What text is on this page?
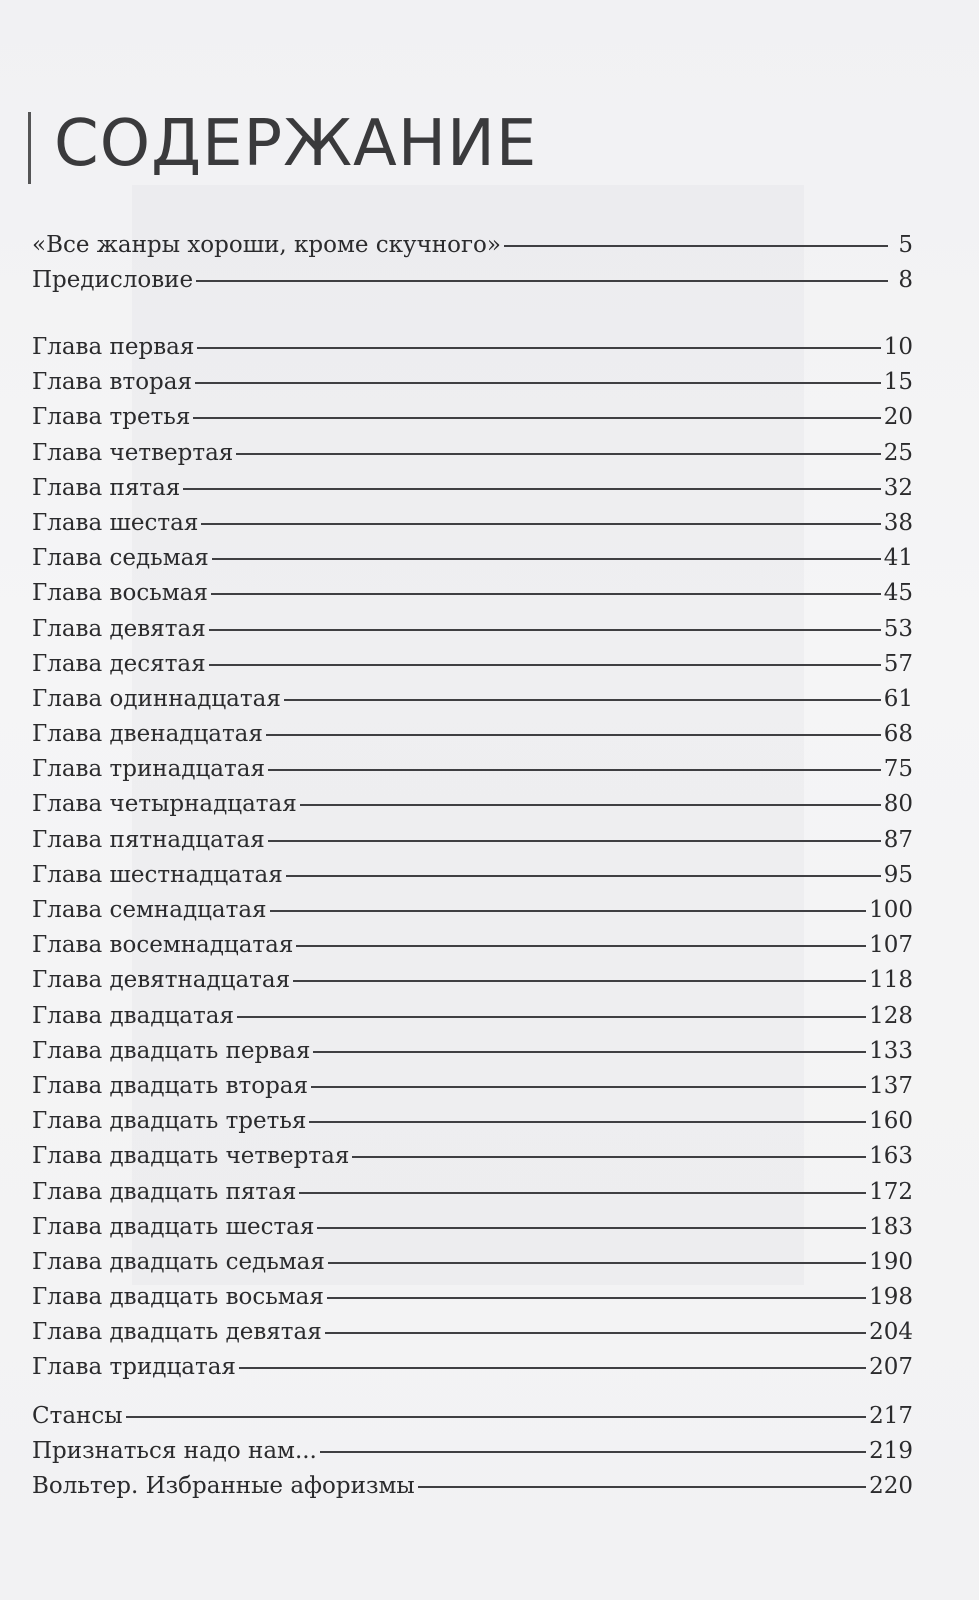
СОДЕРЖАНИЕ
«Все жанры хороши, кроме скучного»	5
Предисловие	8
Глава первая	10
Глава вторая	15
Глава третья	20
Глава четвертая	25
Глава пятая	32
Глава шестая	38
Глава седьмая	41
Глава восьмая	45
Глава девятая	53
Глава десятая	57
Глава одиннадцатая	61
Глава двенадцатая	68
Глава тринадцатая	75
Глава четырнадцатая	80
Глава пятнадцатая	87
Глава шестнадцатая	95
Глава семнадцатая	100
Глава восемнадцатая	107
Глава девятнадцатая	118
Глава двадцатая	128
Глава двадцать первая	133
Глава двадцать вторая	137
Глава двадцать третья	160
Глава двадцать четвертая	163
Глава двадцать пятая	172
Глава двадцать шестая	183
Глава двадцать седьмая	190
Глава двадцать восьмая	198
Глава двадцать девятая	204
Глава тридцатая	207
Стансы	217
Признаться надо нам...	219
Вольтер. Избранные афоризмы	220
